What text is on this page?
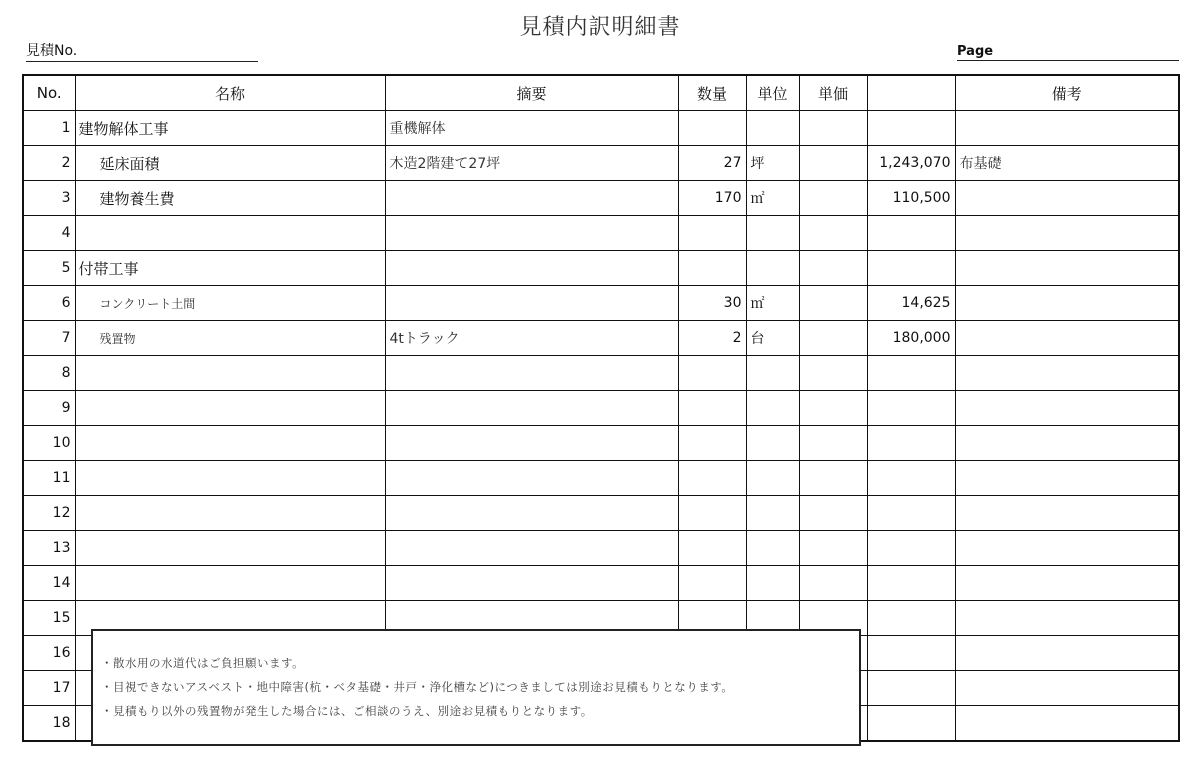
見積内訳明細書
見積No.	Page
No.	名称	摘要	数量	単位	単価		備考
1	建物解体工事	重機解体					
2	延床面積	木造2階建て27坪	27	坪		1,243,070	布基礎
3	建物養生費		170	㎡		110,500	
4							
5	付帯工事						
6	コンクリート土間		30	㎡		14,625	
7	残置物	4tトラック	2	台		180,000	
8							
9							
10							
11							
12							
13							
14							
15							
16							
17							
18							
・散水用の水道代はご負担願います。
・目視できないアスベスト・地中障害(杭・ベタ基礎・井戸・浄化槽など)につきましては別途お見積もりとなります。
・見積もり以外の残置物が発生した場合には、ご相談のうえ、別途お見積もりとなります。
